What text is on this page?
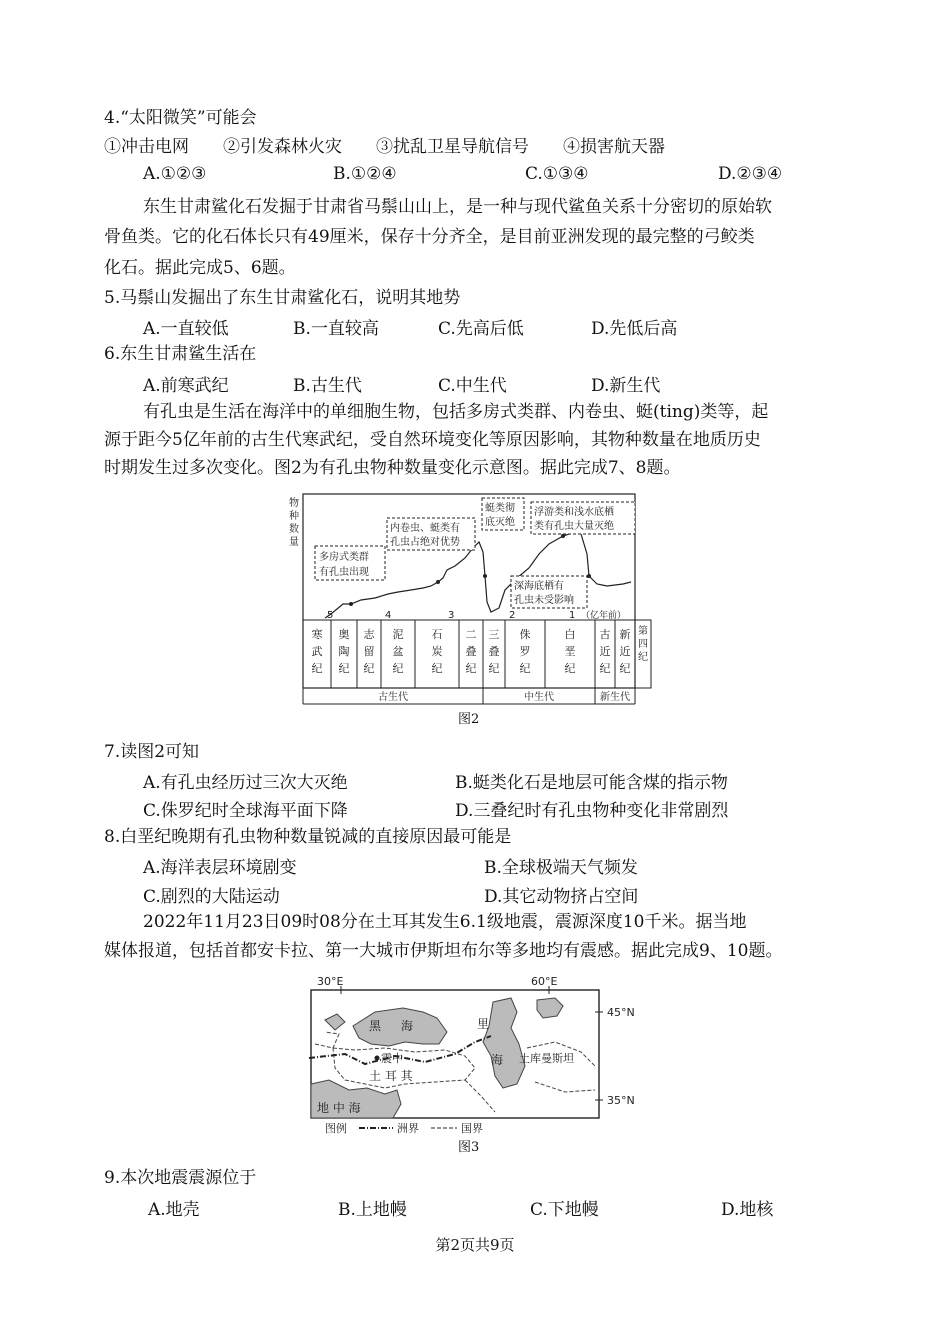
4.“太阳微笑”可能会
①冲击电网　　②引发森林火灾　　③扰乱卫星导航信号　　④损害航天器
A.①②③	B.①②④	C.①③④	D.②③④
东生甘肃鲨化石发掘于甘肃省马鬃山山上，是一种与现代鲨鱼关系十分密切的原始软
骨鱼类。它的化石体长只有49厘米，保存十分齐全，是目前亚洲发现的最完整的弓鲛类
化石。据此完成5、6题。
5.马鬃山发掘出了东生甘肃鲨化石，说明其地势
A.一直较低	B.一直较高	C.先高后低	D.先低后高
6.东生甘肃鲨生活在
A.前寒武纪	B.古生代	C.中生代	D.新生代
有孔虫是生活在海洋中的单细胞生物，包括多房式类群、内卷虫、蜓(ting)类等，起
源于距今5亿年前的古生代寒武纪，受自然环境变化等原因影响，其物种数量在地质历史
时期发生过多次变化。图2为有孔虫物种数量变化示意图。据此完成7、8题。
物
种
数
量
多房式类群
有孔虫出现
内卷虫、蜓类有
孔虫占绝对优势
蜓类彻
底灭绝
浮游类和浅水底栖
类有孔虫大量灭绝
深海底栖有
孔虫未受影响
5	4	3	2	1 （亿年前）
寒
武
纪
奥
陶
纪
志
留
纪
泥
盆
纪
石
炭
纪
二
叠
纪
三
叠
纪
侏
罗
纪
白
垩
纪
古
近
纪
新
近
纪
第
四
纪
古生代	中生代	新生代
图2
7.读图2可知
A.有孔虫经历过三次大灭绝	B.蜓类化石是地层可能含煤的指示物
C.侏罗纪时全球海平面下降	D.三叠纪时有孔虫物种变化非常剧烈
8.白垩纪晚期有孔虫物种数量锐减的直接原因最可能是
A.海洋表层环境剧变	B.全球极端天气频发
C.剧烈的大陆运动	D.其它动物挤占空间
2022年11月23日09时08分在土耳其发生6.1级地震，震源深度10千米。据当地
媒体报道，包括首都安卡拉、第一大城市伊斯坦布尔等多地均有震感。据此完成9、10题。
30°E	60°E
45°N
35°N
黑 海	里
海
震中
土 耳 其
土库曼斯坦
地 中 海
图例	洲界	国界
图3
9.本次地震震源位于
A.地壳	B.上地幔	C.下地幔	D.地核
第2页共9页
